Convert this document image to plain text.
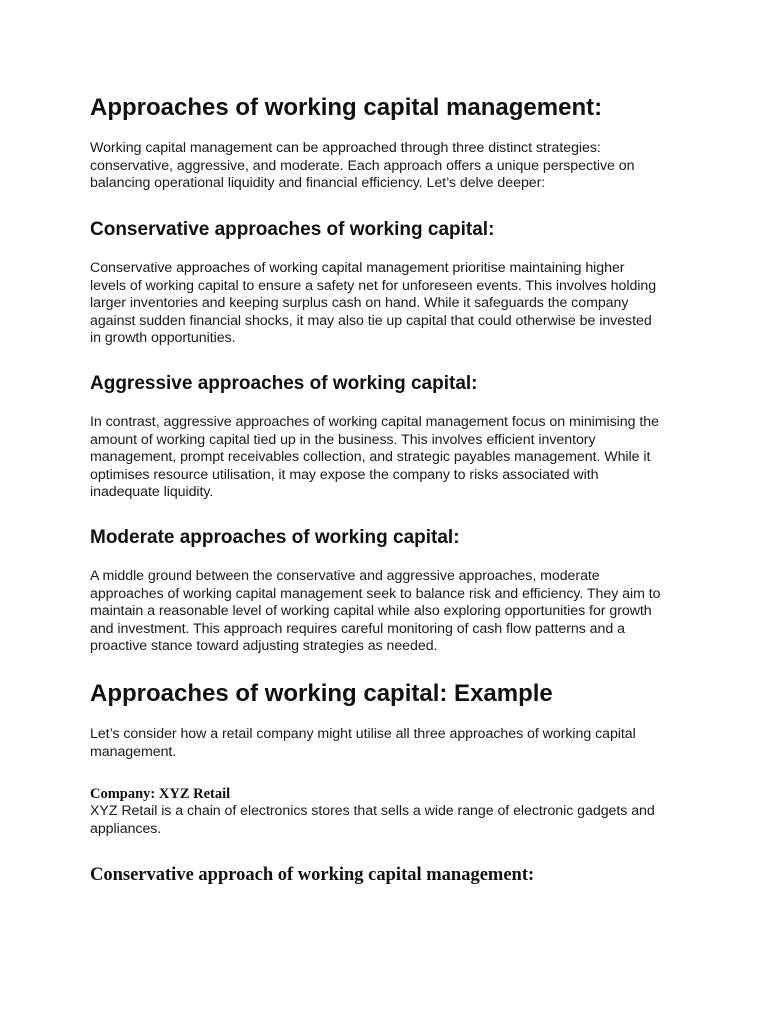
Approaches of working capital management:

Working capital management can be approached through three distinct strategies:
conservative, aggressive, and moderate. Each approach offers a unique perspective on
balancing operational liquidity and financial efficiency. Let’s delve deeper:

Conservative approaches of working capital:

Conservative approaches of working capital management prioritise maintaining higher
levels of working capital to ensure a safety net for unforeseen events. This involves holding
larger inventories and keeping surplus cash on hand. While it safeguards the company
against sudden financial shocks, it may also tie up capital that could otherwise be invested
in growth opportunities.

Aggressive approaches of working capital:

In contrast, aggressive approaches of working capital management focus on minimising the
amount of working capital tied up in the business. This involves efficient inventory
management, prompt receivables collection, and strategic payables management. While it
optimises resource utilisation, it may expose the company to risks associated with
inadequate liquidity.

Moderate approaches of working capital:

A middle ground between the conservative and aggressive approaches, moderate
approaches of working capital management seek to balance risk and efficiency. They aim to
maintain a reasonable level of working capital while also exploring opportunities for growth
and investment. This approach requires careful monitoring of cash flow patterns and a
proactive stance toward adjusting strategies as needed.

Approaches of working capital: Example

Let’s consider how a retail company might utilise all three approaches of working capital
management.

Company: XYZ Retail

XYZ Retail is a chain of electronics stores that sells a wide range of electronic gadgets and
appliances.

Conservative approach of working capital management:
